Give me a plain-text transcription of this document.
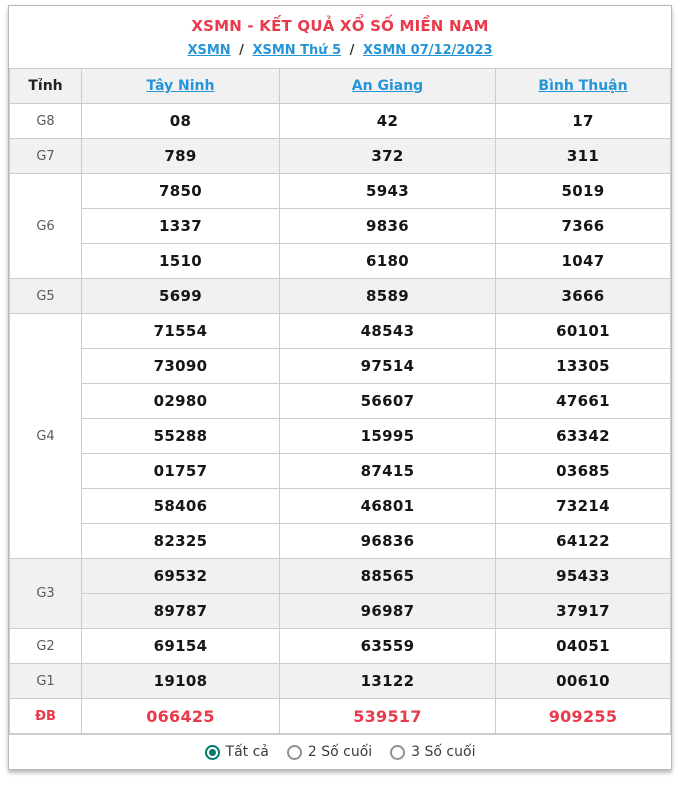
XSMN - KẾT QUẢ XỔ SỐ MIỀN NAM
XSMN / XSMN Thứ 5 / XSMN 07/12/2023
Tỉnh	Tây Ninh	An Giang	Bình Thuận
G8	08	42	17
G7	789	372	311
G6	7850	5943	5019
	1337	9836	7366
	1510	6180	1047
G5	5699	8589	3666
G4	71554	48543	60101
	73090	97514	13305
	02980	56607	47661
	55288	15995	63342
	01757	87415	03685
	58406	46801	73214
	82325	96836	64122
G3	69532	88565	95433
	89787	96987	37917
G2	69154	63559	04051
G1	19108	13122	00610
ĐB	066425	539517	909255
Tất cả	2 Số cuối	3 Số cuối
